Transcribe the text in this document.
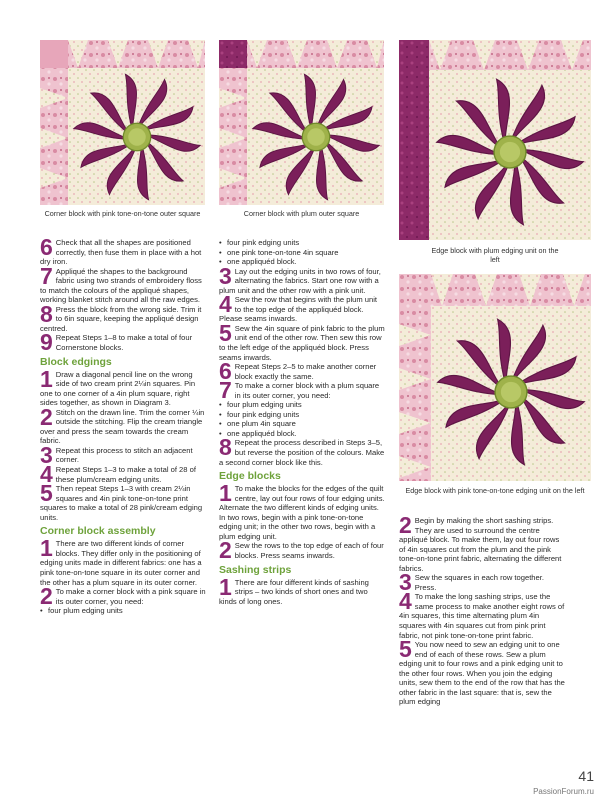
Corner block with pink tone-on-tone outer square	Corner block with plum outer square
Edge block with plum edging unit on the left
Edge block with pink tone-on-tone edging unit on the left
6 Check that all the shapes are positioned correctly, then fuse them in place with a hot dry iron.
7 Appliqué the shapes to the background fabric using two strands of embroidery floss to match the colours of the appliqué shapes, working blanket stitch around all the raw edges.
8 Press the block from the wrong side. Trim it to 6in square, keeping the appliqué design centred.
9 Repeat Steps 1–8 to make a total of four Cornerstone blocks.
Block edgings
1 Draw a diagonal pencil line on the wrong side of two cream print 2¼in squares. Pin one to one corner of a 4in plum square, right sides together, as shown in Diagram 3.
2 Stitch on the drawn line. Trim the corner ¼in outside the stitching. Flip the cream triangle over and press the seam towards the cream fabric.
3 Repeat this process to stitch an adjacent corner.
4 Repeat Steps 1–3 to make a total of 28 of these plum/cream edging units.
5 Then repeat Steps 1–3 with cream 2¼in squares and 4in pink tone-on-tone print squares to make a total of 28 pink/cream edging units.
Corner block assembly
1 There are two different kinds of corner blocks. They differ only in the positioning of edging units made in different fabrics: one has a pink tone-on-tone square in its outer corner and the other has a plum square in its outer corner.
2 To make a corner block with a pink square in its outer corner, you need:
• four plum edging units
• four pink edging units
• one pink tone-on-tone 4in square
• one appliquéd block.
3 Lay out the edging units in two rows of four, alternating the fabrics. Start one row with a plum unit and the other row with a pink unit.
4 Sew the row that begins with the plum unit to the top edge of the appliquéd block. Please seams inwards.
5 Sew the 4in square of pink fabric to the plum unit end of the other row. Then sew this row to the left edge of the appliquéd block. Press seams inwards.
6 Repeat Steps 2–5 to make another corner block exactly the same.
7 To make a corner block with a plum square in its outer corner, you need:
• four plum edging units
• four pink edging units
• one plum 4in square
• one appliquéd block.
8 Repeat the process described in Steps 3–5, but reverse the position of the colours. Make a second corner block like this.
Edge blocks
1 To make the blocks for the edges of the quilt centre, lay out four rows of four edging units. Alternate the two different kinds of edging units. In two rows, begin with a pink tone-on-tone edging unit; in the other two rows, begin with a plum edging unit.
2 Sew the rows to the top edge of each of four blocks. Press seams inwards.
Sashing strips
1 There are four different kinds of sashing strips – two kinds of short ones and two kinds of long ones.
2 Begin by making the short sashing strips. They are used to surround the centre appliqué block. To make them, lay out four rows of 4in squares cut from the plum and the pink tone-on-tone print fabric, alternating the different fabrics.
3 Sew the squares in each row together. Press.
4 To make the long sashing strips, use the same process to make another eight rows of 4in squares, this time alternating plum 4in squares with 4in squares cut from pink print fabric, not pink tone-on-tone print fabric.
5 You now need to sew an edging unit to one end of each of these rows. Sew a plum edging unit to four rows and a pink edging unit to the other four rows. When you join the edging units, sew them to the end of the row that has the other fabric in the last square: that is, sew the plum edging
41
PassionForum.ru
